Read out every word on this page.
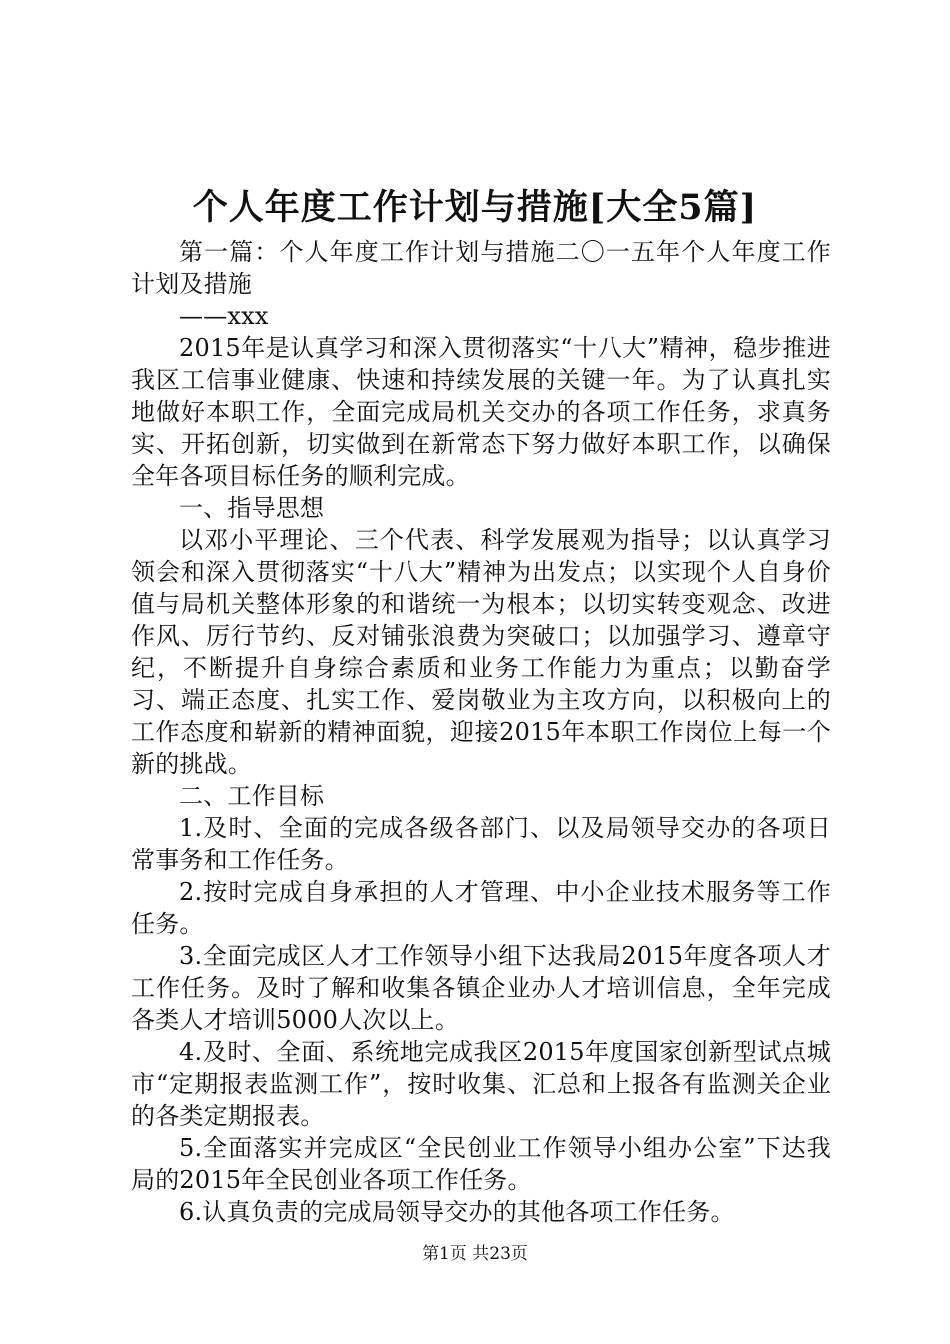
个人年度工作计划与措施[大全5篇]

第一篇：个人年度工作计划与措施二〇一五年个人年度工作计划及措施

——xxx

2015年是认真学习和深入贯彻落实“十八大”精神，稳步推进我区工信事业健康、快速和持续发展的关键一年。为了认真扎实地做好本职工作，全面完成局机关交办的各项工作任务，求真务实、开拓创新，切实做到在新常态下努力做好本职工作，以确保全年各项目标任务的顺利完成。

一、指导思想

以邓小平理论、三个代表、科学发展观为指导；以认真学习领会和深入贯彻落实“十八大”精神为出发点；以实现个人自身价值与局机关整体形象的和谐统一为根本；以切实转变观念、改进作风、厉行节约、反对铺张浪费为突破口；以加强学习、遵章守纪，不断提升自身综合素质和业务工作能力为重点；以勤奋学习、端正态度、扎实工作、爱岗敬业为主攻方向，以积极向上的工作态度和崭新的精神面貌，迎接2015年本职工作岗位上每一个新的挑战。

二、工作目标

1.及时、全面的完成各级各部门、以及局领导交办的各项日常事务和工作任务。

2.按时完成自身承担的人才管理、中小企业技术服务等工作任务。

3.全面完成区人才工作领导小组下达我局2015年度各项人才工作任务。及时了解和收集各镇企业办人才培训信息，全年完成各类人才培训5000人次以上。

4.及时、全面、系统地完成我区2015年度国家创新型试点城市“定期报表监测工作”，按时收集、汇总和上报各有监测关企业的各类定期报表。

5.全面落实并完成区“全民创业工作领导小组办公室”下达我局的2015年全民创业各项工作任务。

6.认真负责的完成局领导交办的其他各项工作任务。

第1页 共23页
